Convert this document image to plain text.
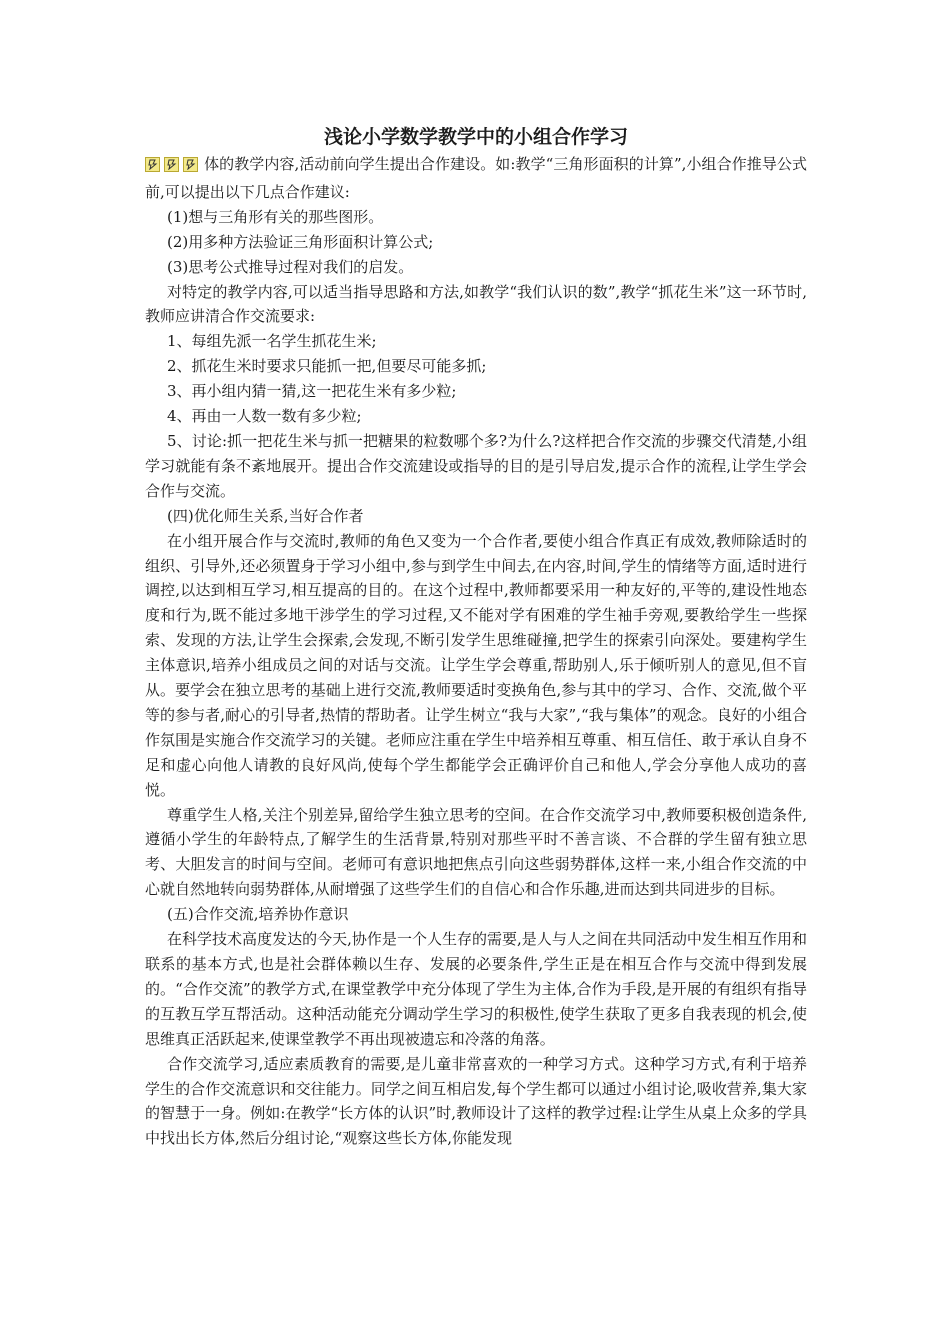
浅论小学数学教学中的小组合作学习

体的教学内容,活动前向学生提出合作建设。如:教学“三角形面积的计算”,小组合作推导公式前,可以提出以下几点合作建议:

(1)想与三角形有关的那些图形。

(2)用多种方法验证三角形面积计算公式;

(3)思考公式推导过程对我们的启发。

对特定的教学内容,可以适当指导思路和方法,如教学“我们认识的数”,教学“抓花生米”这一环节时,教师应讲清合作交流要求:

1、每组先派一名学生抓花生米;

2、抓花生米时要求只能抓一把,但要尽可能多抓;

3、再小组内猜一猜,这一把花生米有多少粒;

4、再由一人数一数有多少粒;

5、讨论:抓一把花生米与抓一把糖果的粒数哪个多?为什么?这样把合作交流的步骤交代清楚,小组学习就能有条不紊地展开。提出合作交流建设或指导的目的是引导启发,提示合作的流程,让学生学会合作与交流。

(四)优化师生关系,当好合作者

在小组开展合作与交流时,教师的角色又变为一个合作者,要使小组合作真正有成效,教师除适时的组织、引导外,还必须置身于学习小组中,参与到学生中间去,在内容,时间,学生的情绪等方面,适时进行调控,以达到相互学习,相互提高的目的。在这个过程中,教师都要采用一种友好的,平等的,建设性地态度和行为,既不能过多地干涉学生的学习过程,又不能对学有困难的学生袖手旁观,要教给学生一些探索、发现的方法,让学生会探索,会发现,不断引发学生思维碰撞,把学生的探索引向深处。要建构学生主体意识,培养小组成员之间的对话与交流。让学生学会尊重,帮助别人,乐于倾听别人的意见,但不盲从。要学会在独立思考的基础上进行交流,教师要适时变换角色,参与其中的学习、合作、交流,做个平等的参与者,耐心的引导者,热情的帮助者。让学生树立“我与大家”,“我与集体”的观念。良好的小组合作氛围是实施合作交流学习的关键。老师应注重在学生中培养相互尊重、相互信任、敢于承认自身不足和虚心向他人请教的良好风尚,使每个学生都能学会正确评价自己和他人,学会分享他人成功的喜悦。

尊重学生人格,关注个别差异,留给学生独立思考的空间。在合作交流学习中,教师要积极创造条件,遵循小学生的年龄特点,了解学生的生活背景,特别对那些平时不善言谈、不合群的学生留有独立思考、大胆发言的时间与空间。老师可有意识地把焦点引向这些弱势群体,这样一来,小组合作交流的中心就自然地转向弱势群体,从耐增强了这些学生们的自信心和合作乐趣,进而达到共同进步的目标。

(五)合作交流,培养协作意识

在科学技术高度发达的今天,协作是一个人生存的需要,是人与人之间在共同活动中发生相互作用和联系的基本方式,也是社会群体赖以生存、发展的必要条件,学生正是在相互合作与交流中得到发展的。“合作交流”的教学方式,在课堂教学中充分体现了学生为主体,合作为手段,是开展的有组织有指导的互教互学互帮活动。这种活动能充分调动学生学习的积极性,使学生获取了更多自我表现的机会,使思维真正活跃起来,使课堂教学不再出现被遗忘和冷落的角落。

合作交流学习,适应素质教育的需要,是儿童非常喜欢的一种学习方式。这种学习方式,有利于培养学生的合作交流意识和交往能力。同学之间互相启发,每个学生都可以通过小组讨论,吸收营养,集大家的智慧于一身。例如:在教学“长方体的认识”时,教师设计了这样的教学过程:让学生从桌上众多的学具中找出长方体,然后分组讨论,“观察这些长方体,你能发现
